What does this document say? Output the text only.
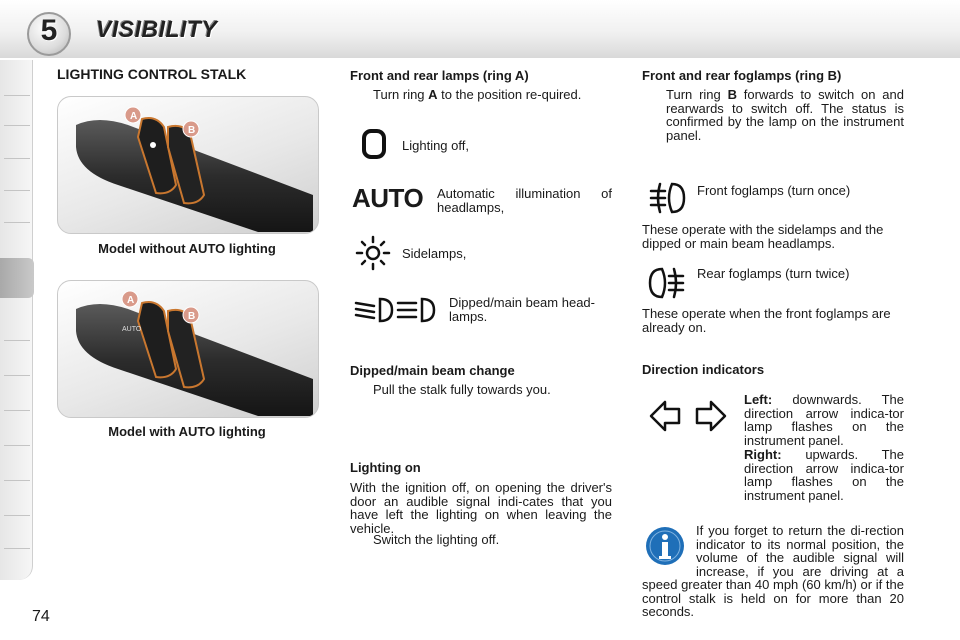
5	VISIBILITY
LIGHTING CONTROL STALK
A
B
Model without AUTO lighting
AUTO
A
B
Model with AUTO lighting
74
Front and rear lamps (ring A)
Turn ring A to the position re-quired.
Lighting off,
AUTO Automatic illumination of headlamps,
Sidelamps,
Dipped/main beam head-lamps.
Dipped/main beam change
Pull the stalk fully towards you.
Lighting on
With the ignition off, on opening the driver's door an audible signal indi-cates that you have left the lighting on when leaving the vehicle.
Switch the lighting off.
Front and rear foglamps (ring B)
Turn ring B forwards to switch on and rearwards to switch off. The status is confirmed by the lamp on the instrument panel.
Front foglamps (turn once)
These operate with the sidelamps and the dipped or main beam headlamps.
Rear foglamps (turn twice)
These operate when the front foglamps are already on.
Direction indicators
Left: downwards. The direction arrow indica-tor lamp flashes on the instrument panel.
Right: upwards. The direction arrow indica-tor lamp flashes on the instrument panel.
If you forget to return the di-rection indicator to its normal position, the volume of the audible signal will increase, if you are driving at a speed greater than 40 mph (60 km/h) or if the control stalk is held on for more than 20 seconds.
